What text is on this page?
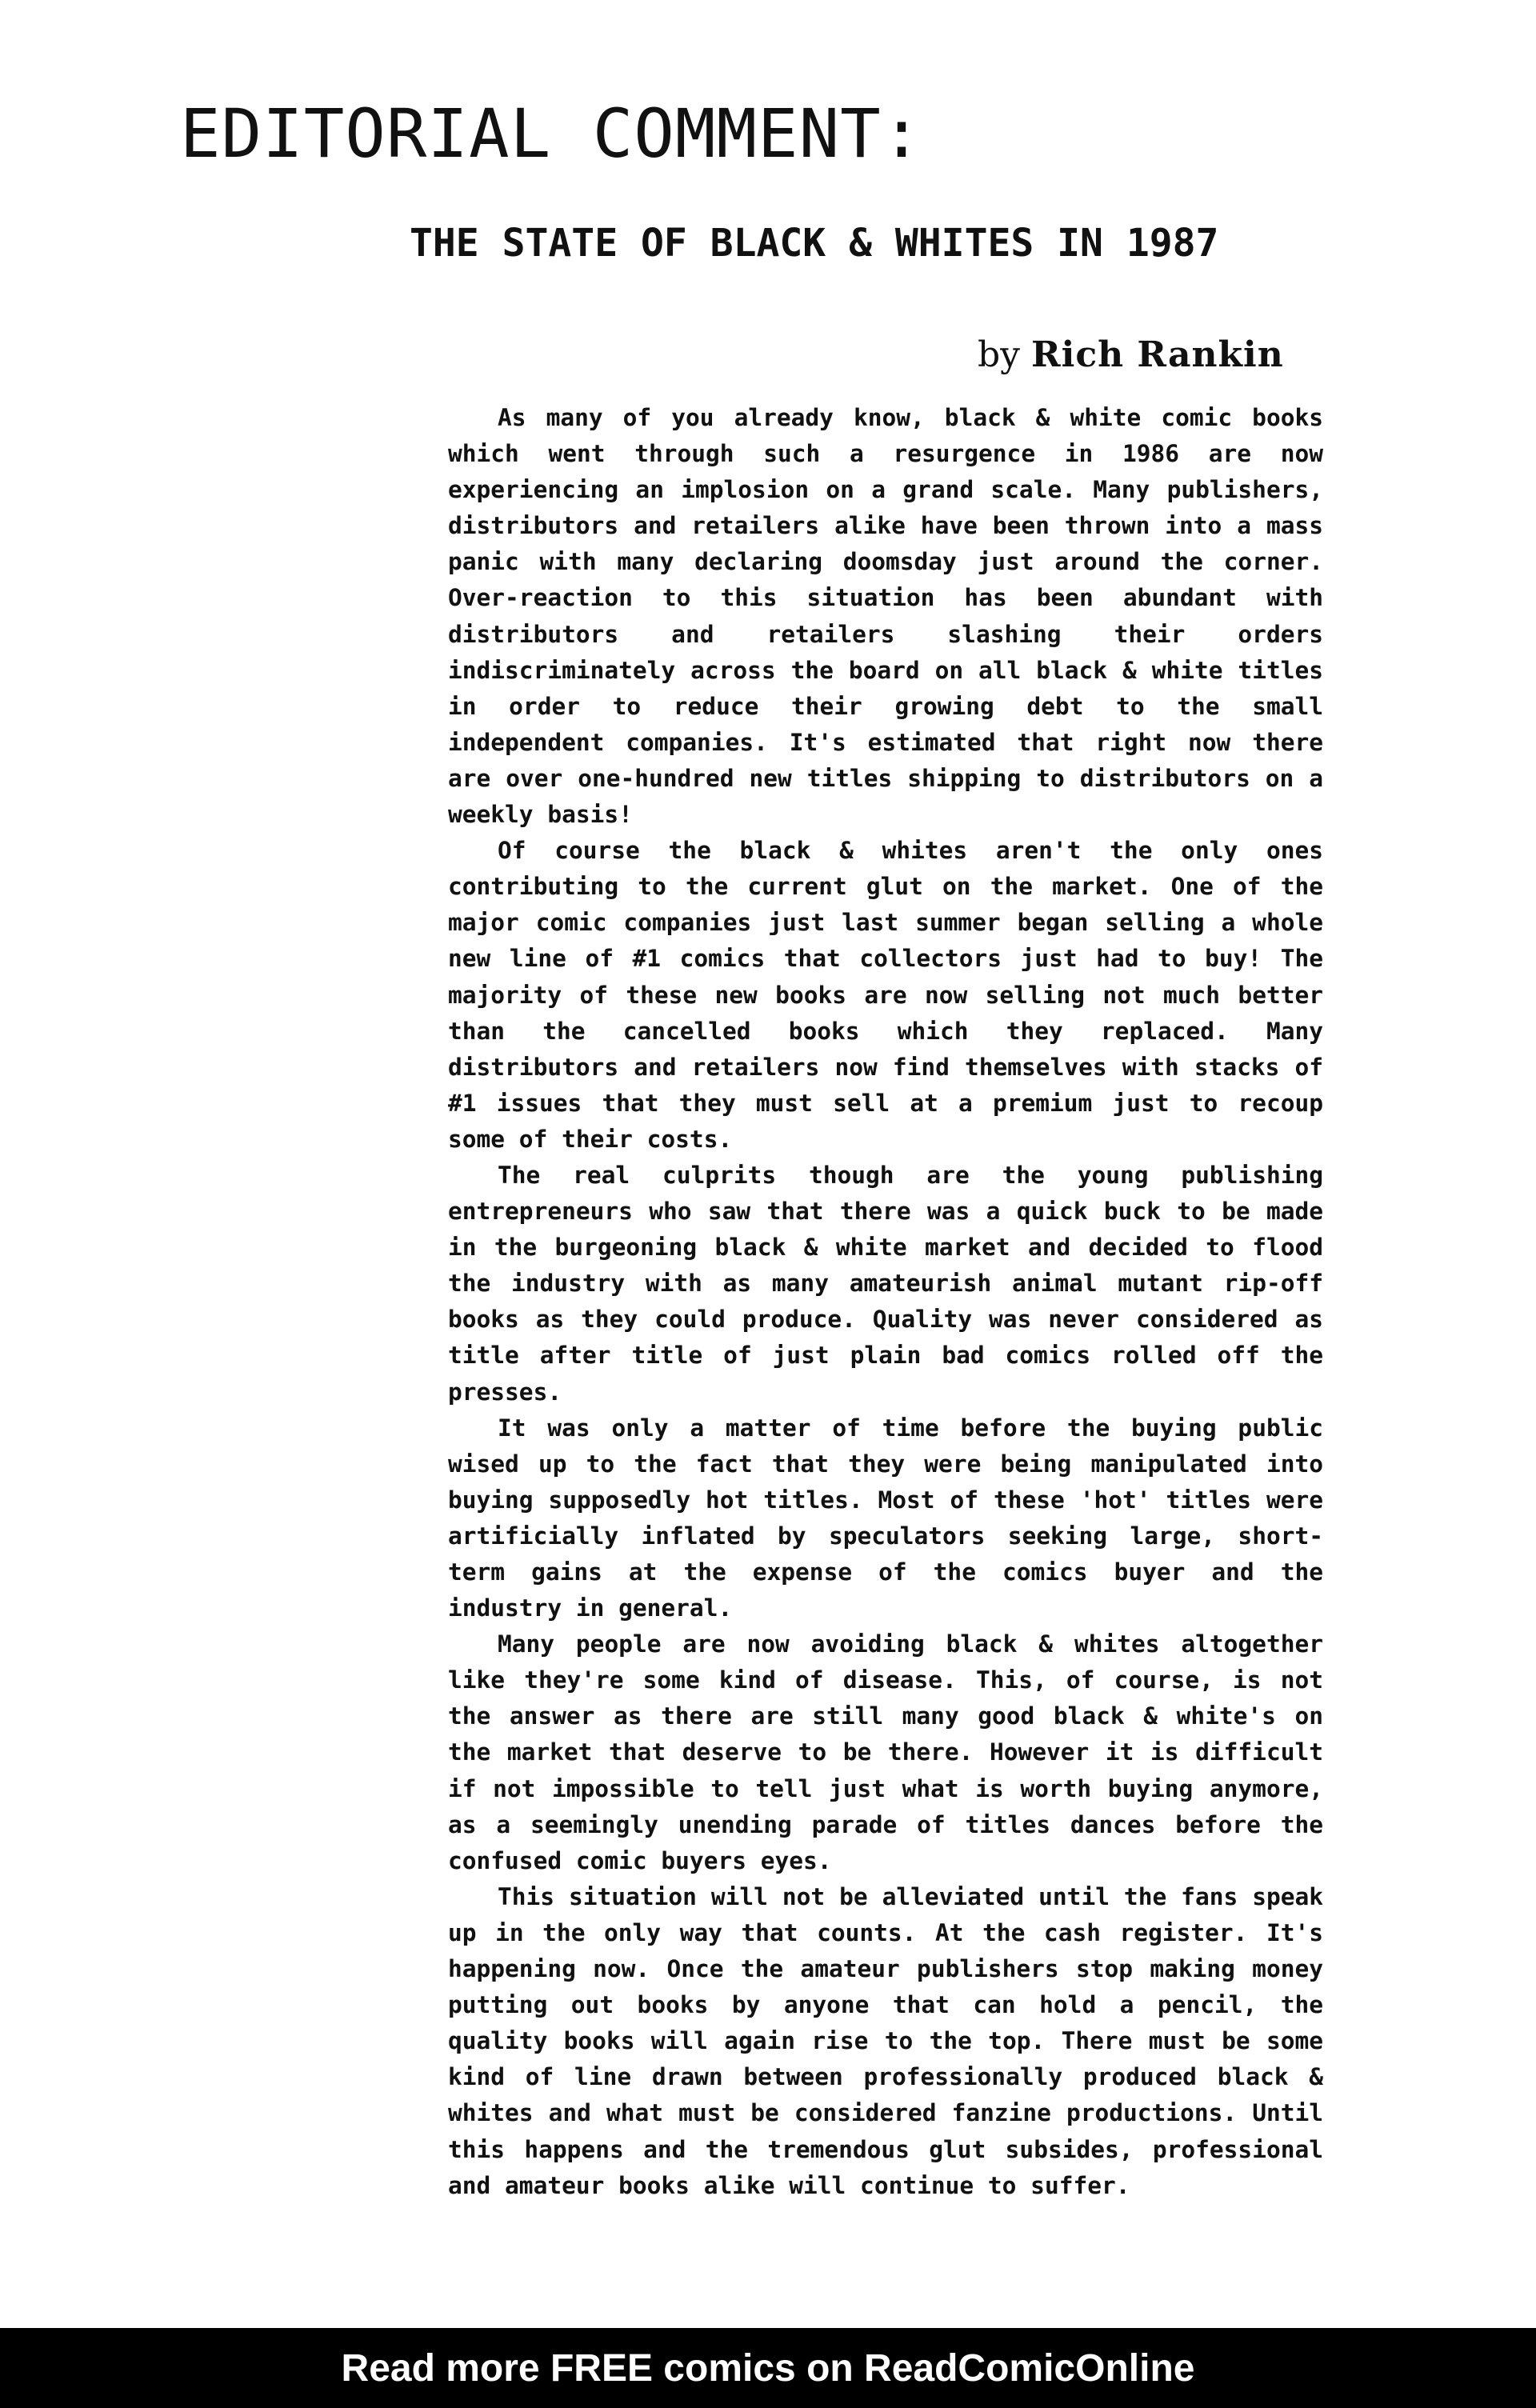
EDITORIAL COMMENT:
THE STATE OF BLACK & WHITES IN 1987
by Rich Rankin

As many of you already know, black & white comic books which went through such a resurgence in 1986 are now experiencing an implosion on a grand scale. Many publishers, distributors and retailers alike have been thrown into a mass panic with many declaring doomsday just around the corner. Over-reaction to this situation has been abundant with distributors and retailers slashing their orders indiscriminately across the board on all black & white titles in order to reduce their growing debt to the small independent companies. It's estimated that right now there are over one-hundred new titles shipping to distributors on a weekly basis!

Of course the black & whites aren't the only ones contributing to the current glut on the market. One of the major comic companies just last summer began selling a whole new line of #1 comics that collectors just had to buy! The majority of these new books are now selling not much better than the cancelled books which they replaced. Many distributors and retailers now find themselves with stacks of #1 issues that they must sell at a premium just to recoup some of their costs.

The real culprits though are the young publishing entrepreneurs who saw that there was a quick buck to be made in the burgeoning black & white market and decided to flood the industry with as many amateurish animal mutant rip-off books as they could produce. Quality was never considered as title after title of just plain bad comics rolled off the presses.

It was only a matter of time before the buying public wised up to the fact that they were being manipulated into buying supposedly hot titles. Most of these 'hot' titles were artificially inflated by speculators seeking large, short-term gains at the expense of the comics buyer and the industry in general.

Many people are now avoiding black & whites altogether like they're some kind of disease. This, of course, is not the answer as there are still many good black & white's on the market that deserve to be there. However it is difficult if not impossible to tell just what is worth buying anymore, as a seemingly unending parade of titles dances before the confused comic buyers eyes.

This situation will not be alleviated until the fans speak up in the only way that counts. At the cash register. It's happening now. Once the amateur publishers stop making money putting out books by anyone that can hold a pencil, the quality books will again rise to the top. There must be some kind of line drawn between professionally produced black & whites and what must be considered fanzine productions. Until this happens and the tremendous glut subsides, professional and amateur books alike will continue to suffer.

Read more FREE comics on ReadComicOnline
